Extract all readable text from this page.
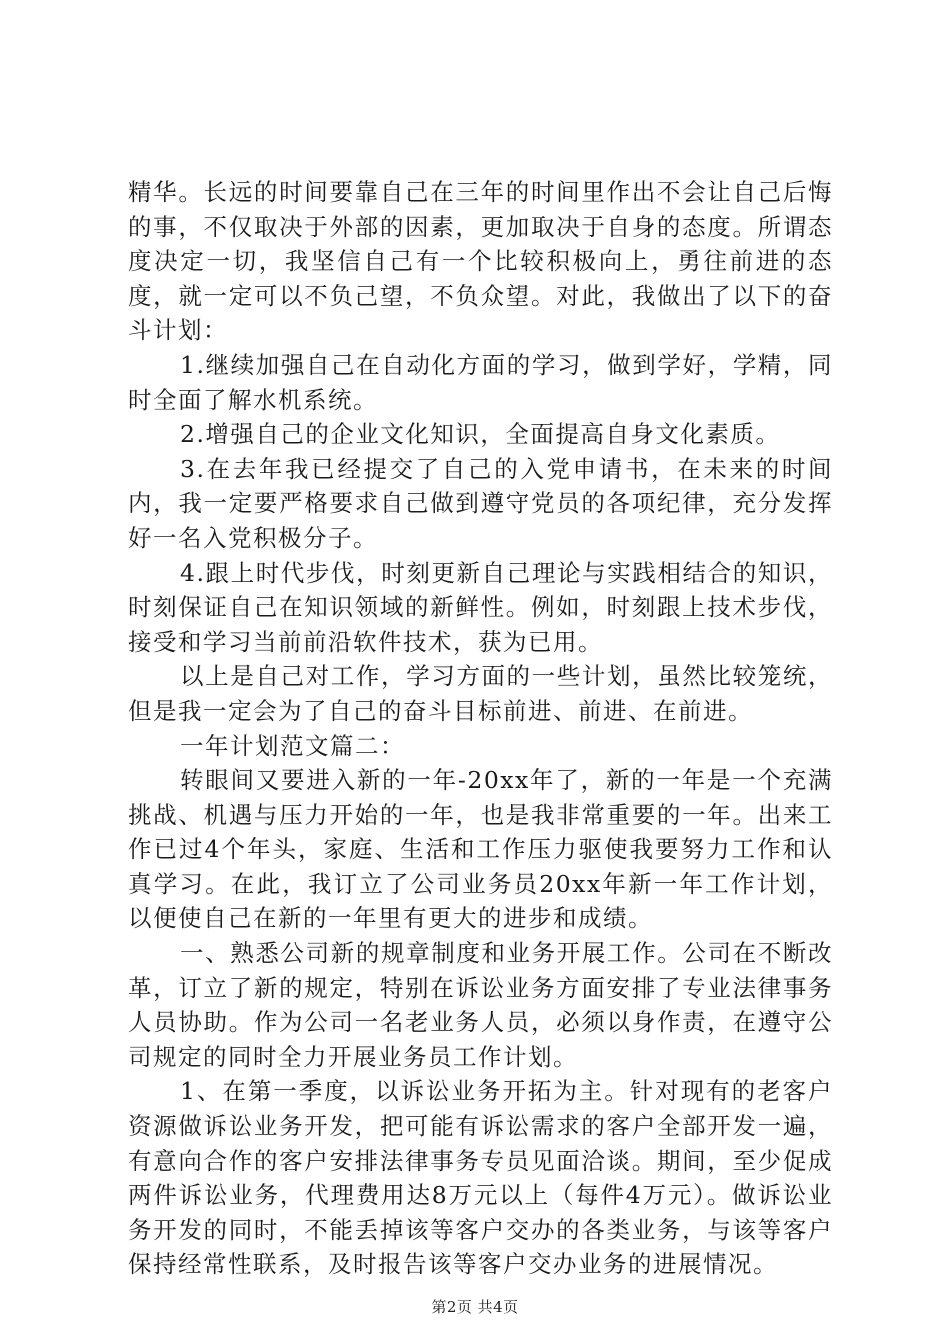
精华。长远的时间要靠自己在三年的时间里作出不会让自己后悔的事，不仅取决于外部的因素，更加取决于自身的态度。所谓态度决定一切，我坚信自己有一个比较积极向上，勇往前进的态度，就一定可以不负己望，不负众望。对此，我做出了以下的奋斗计划：

1.继续加强自己在自动化方面的学习，做到学好，学精，同时全面了解水机系统。

2.增强自己的企业文化知识，全面提高自身文化素质。

3.在去年我已经提交了自己的入党申请书，在未来的时间内，我一定要严格要求自己做到遵守党员的各项纪律，充分发挥好一名入党积极分子。

4.跟上时代步伐，时刻更新自己理论与实践相结合的知识，时刻保证自己在知识领域的新鲜性。例如，时刻跟上技术步伐，接受和学习当前前沿软件技术，获为已用。

以上是自己对工作，学习方面的一些计划，虽然比较笼统，但是我一定会为了自己的奋斗目标前进、前进、在前进。

一年计划范文篇二：

转眼间又要进入新的一年-20xx年了，新的一年是一个充满挑战、机遇与压力开始的一年，也是我非常重要的一年。出来工作已过4个年头，家庭、生活和工作压力驱使我要努力工作和认真学习。在此，我订立了公司业务员20xx年新一年工作计划，以便使自己在新的一年里有更大的进步和成绩。

一、熟悉公司新的规章制度和业务开展工作。公司在不断改革，订立了新的规定，特别在诉讼业务方面安排了专业法律事务人员协助。作为公司一名老业务人员，必须以身作责，在遵守公司规定的同时全力开展业务员工作计划。

1、在第一季度，以诉讼业务开拓为主。针对现有的老客户资源做诉讼业务开发，把可能有诉讼需求的客户全部开发一遍，有意向合作的客户安排法律事务专员见面洽谈。期间，至少促成两件诉讼业务，代理费用达8万元以上（每件4万元）。做诉讼业务开发的同时，不能丢掉该等客户交办的各类业务，与该等客户保持经常性联系，及时报告该等客户交办业务的进展情况。

第2页 共4页
